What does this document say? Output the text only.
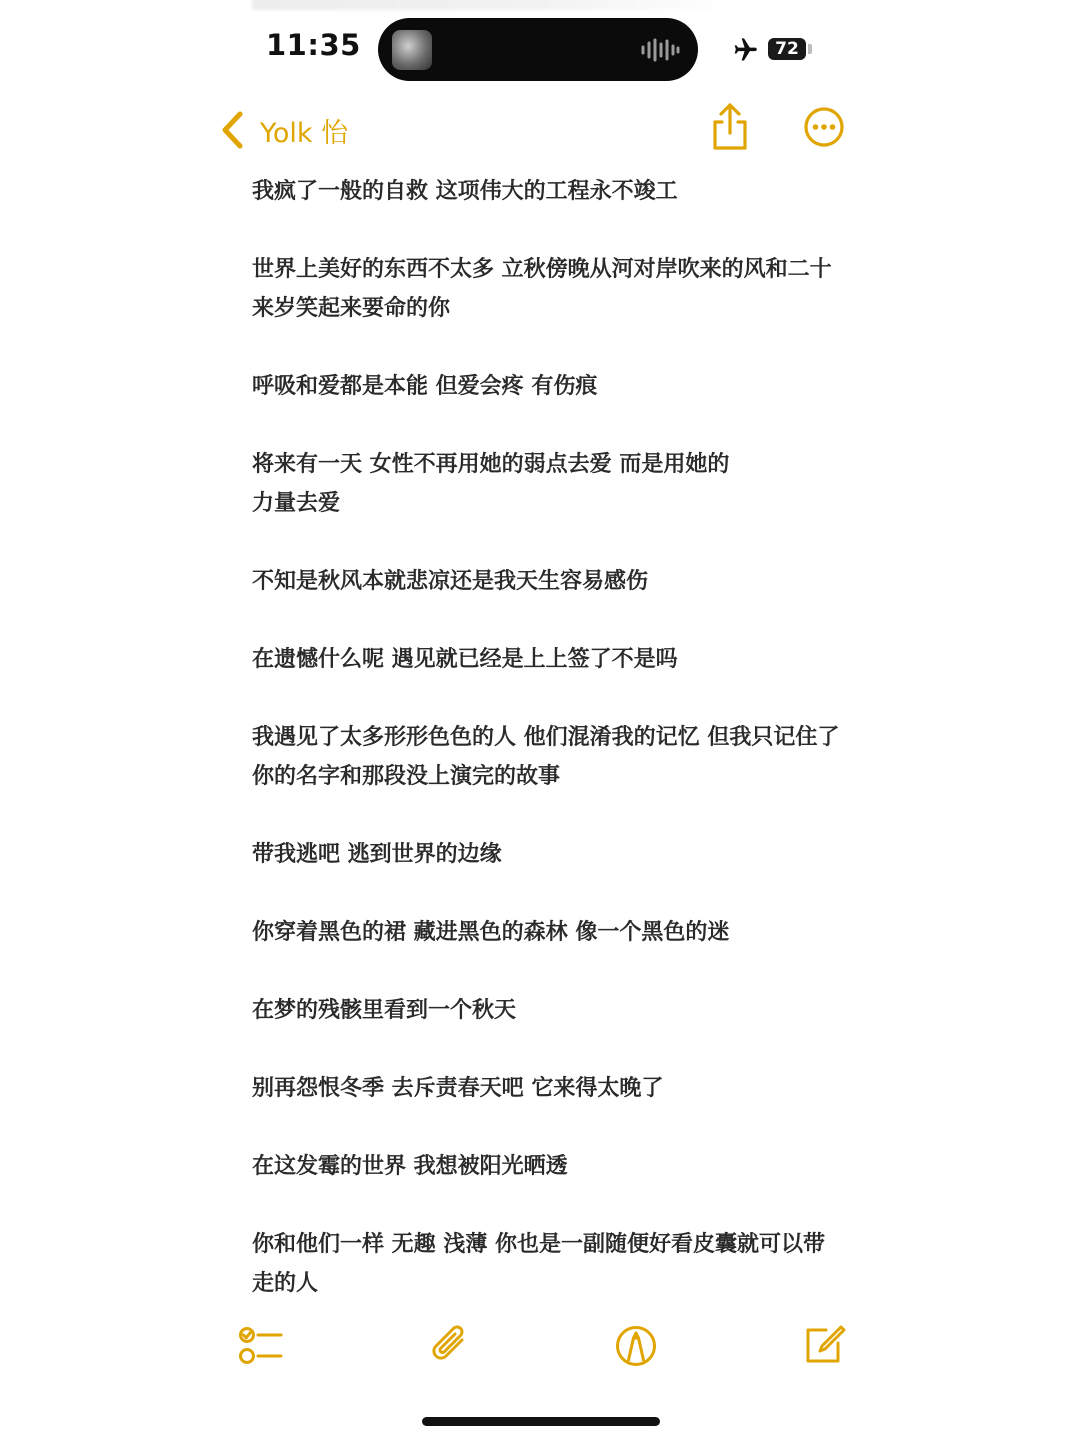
11:35	72
Yolk 怡

我疯了一般的自救 这项伟大的工程永不竣工

世界上美好的东西不太多 立秋傍晚从河对岸吹来的风和二十来岁笑起来要命的你

呼吸和爱都是本能 但爱会疼 有伤痕

将来有一天 女性不再用她的弱点去爱 而是用她的
力量去爱

不知是秋风本就悲凉还是我天生容易感伤

在遗憾什么呢 遇见就已经是上上签了不是吗

我遇见了太多形形色色的人 他们混淆我的记忆 但我只记住了你的名字和那段没上演完的故事

带我逃吧 逃到世界的边缘

你穿着黑色的裙 藏进黑色的森林 像一个黑色的迷

在梦的残骸里看到一个秋天

别再怨恨冬季 去斥责春天吧 它来得太晚了

在这发霉的世界 我想被阳光晒透

你和他们一样 无趣 浅薄 你也是一副随便好看皮囊就可以带走的人
